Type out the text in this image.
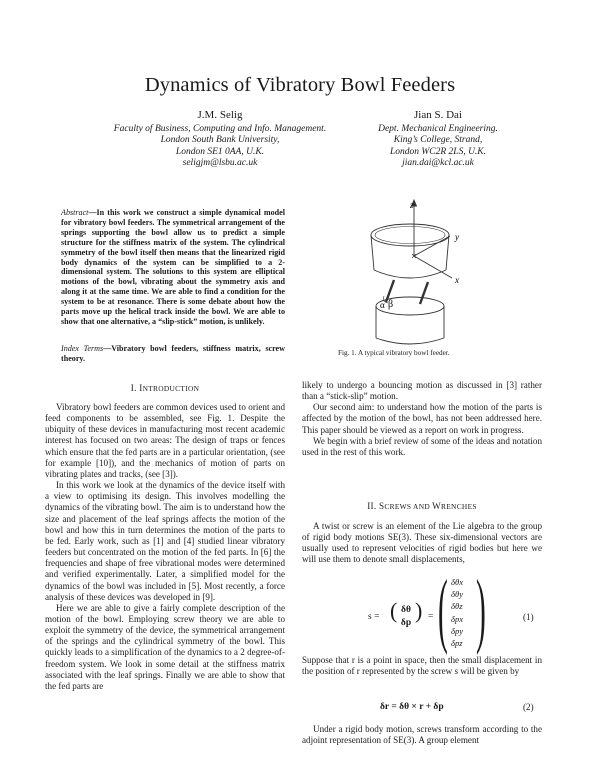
Dynamics of Vibratory Bowl Feeders
J.M. Selig
Faculty of Business, Computing and Info. Management.
London South Bank University,
London SE1 0AA, U.K.
seligjm@lsbu.ac.uk
Jian S. Dai
Dept. Mechanical Engineering.
King’s College, Strand,
London WC2R 2LS, U.K.
jian.dai@kcl.ac.uk
Abstract—In this work we construct a simple dynamical model for vibratory bowl feeders. The symmetrical arrangement of the springs supporting the bowl allow us to predict a simple structure for the stiffness matrix of the system. The cylindrical symmetry of the bowl itself then means that the linearized rigid body dynamics of the system can be simplified to a 2-dimensional system. The solutions to this system are elliptical motions of the bowl, vibrating about the symmetry axis and along it at the same time. We are able to find a condition for the system to be at resonance. There is some debate about how the parts move up the helical track inside the bowl. We are able to show that one alternative, a “slip-stick” motion, is unlikely.
Index Terms—Vibratory bowl feeders, stiffness matrix, screw theory.
z
y
x
α β
Fig. 1. A typical vibratory bowl feeder.
I. INTRODUCTION

Vibratory bowl feeders are common devices used to orient and feed components to be assembled, see Fig. 1. Despite the ubiquity of these devices in manufacturing most recent academic interest has focused on two areas: The design of traps or fences which ensure that the fed parts are in a particular orientation, (see for example [10]), and the mechanics of motion of parts on vibrating plates and tracks, (see [3]).

In this work we look at the dynamics of the device itself with a view to optimising its design. This involves modelling the dynamics of the vibrating bowl. The aim is to understand how the size and placement of the leaf springs affects the motion of the bowl and how this in turn determines the motion of the parts to be fed. Early work, such as [1] and [4] studied linear vibratory feeders but concentrated on the motion of the fed parts. In [6] the frequencies and shape of free vibrational modes were determined and verified experimentally. Later, a simplified model for the dynamics of the bowl was included in [5]. Most recently, a force analysis of these devices was developed in [9].

Here we are able to give a fairly complete description of the motion of the bowl. Employing screw theory we are able to exploit the symmetry of the device, the symmetrical arrangement of the springs and the cylindrical symmetry of the bowl. This quickly leads to a simplification of the dynamics to a 2 degree-of-freedom system. We look in some detail at the stiffness matrix associated with the leaf springs. Finally we are able to show that the fed parts are

likely to undergo a bouncing motion as discussed in [3] rather than a “stick-slip” motion.

Our second aim: to understand how the motion of the parts is affected by the motion of the bowl, has not been addressed here. This paper should be viewed as a report on work in progress.

We begin with a brief review of some of the ideas and notation used in the rest of this work.

II. SCREWS AND WRENCHES

A twist or screw is an element of the Lie algebra to the group of rigid body motions SE(3). These six-dimensional vectors are usually used to represent velocities of rigid bodies but here we will use them to denote small displacements,

s = ( δθ
δp ) = ( δθx
δθy
δθz
δpx
δpy
δpz )	(1)

Suppose that r is a point in space, then the small displacement in the position of r represented by the screw s will be given by

δr = δθ × r + δp	(2)

Under a rigid body motion, screws transform according to the adjoint representation of SE(3). A group element
